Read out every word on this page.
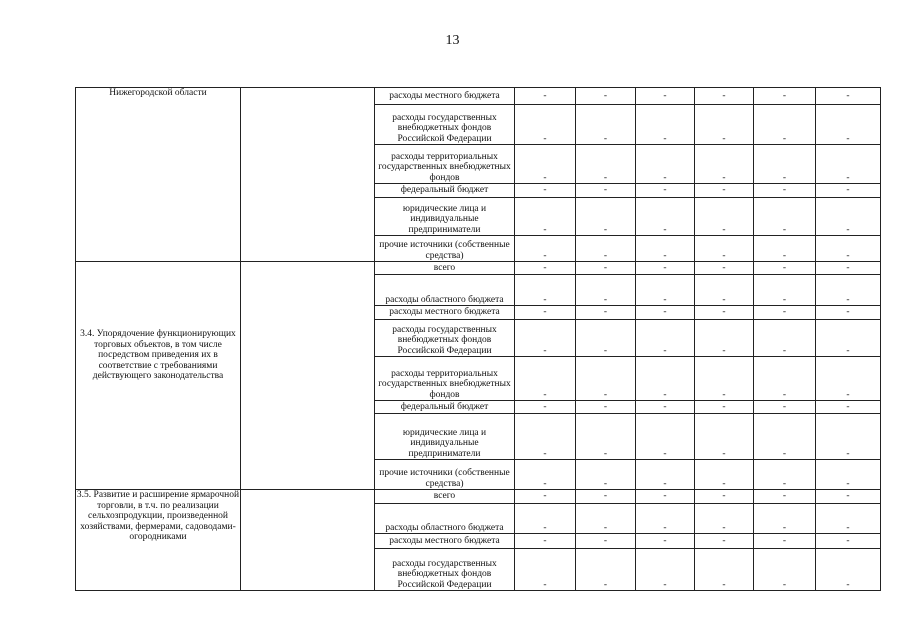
13
Нижегородской области		расходы местного бюджета	-	-	-	-	-	-
		расходы государственных внебюджетных фондов Российской Федерации	-	-	-	-	-	-
		расходы территориальных государственных внебюджетных фондов	-	-	-	-	-	-
		федеральный бюджет	-	-	-	-	-	-
		юридические лица и индивидуальные предприниматели	-	-	-	-	-	-
		прочие источники (собственные средства)	-	-	-	-	-	-

3.4. Упорядочение функционирующих торговых объектов, в том числе посредством приведения их в соответствие с требованиями действующего законодательства		всего	-	-	-	-	-	-
		расходы областного бюджета	-	-	-	-	-	-
		расходы местного бюджета	-	-	-	-	-	-
		расходы государственных внебюджетных фондов Российской Федерации	-	-	-	-	-	-
		расходы территориальных государственных внебюджетных фондов	-	-	-	-	-	-
		федеральный бюджет	-	-	-	-	-	-
		юридические лица и индивидуальные предприниматели	-	-	-	-	-	-
		прочие источники (собственные средства)	-	-	-	-	-	-

3.5. Развитие и расширение ярмарочной торговли, в т.ч. по реализации сельхозпродукции, произведенной хозяйствами, фермерами, садоводами-огородниками		всего	-	-	-	-	-	-
		расходы областного бюджета	-	-	-	-	-	-
		расходы местного бюджета	-	-	-	-	-	-
		расходы государственных внебюджетных фондов Российской Федерации	-	-	-	-	-	-
